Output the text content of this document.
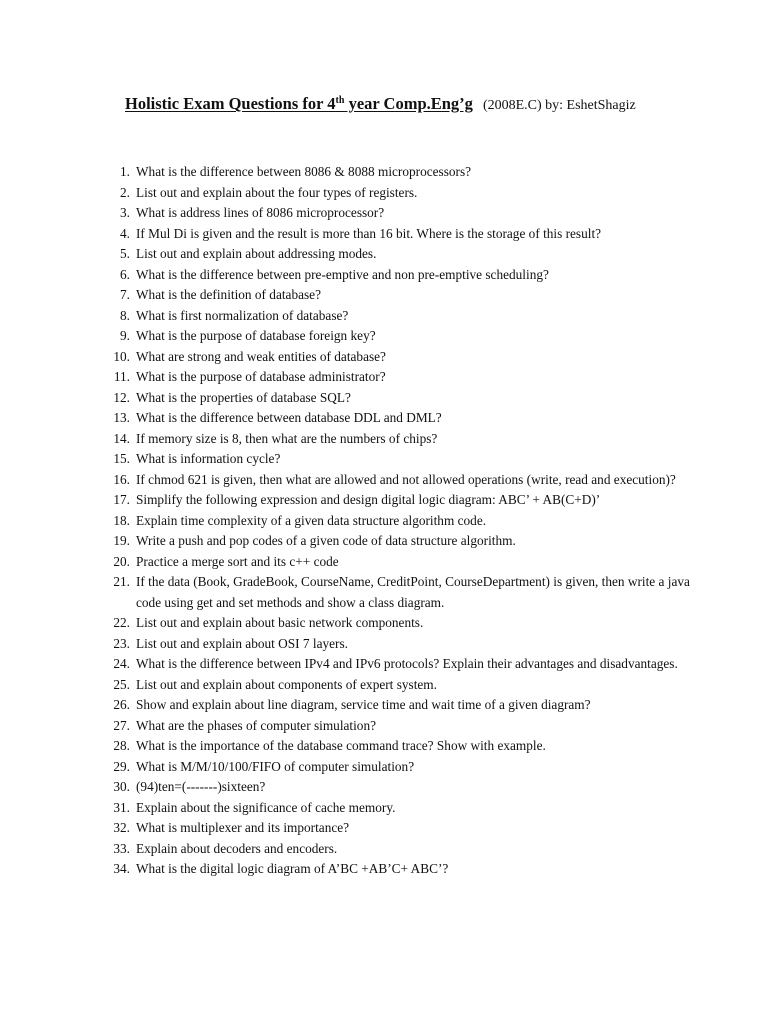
Holistic Exam Questions for 4th year Comp.Eng’g (2008E.C) by: EshetShagiz
1. What is the difference between 8086 & 8088 microprocessors?
2. List out and explain about the four types of registers.
3. What is address lines of 8086 microprocessor?
4. If Mul Di is given and the result is more than 16 bit. Where is the storage of this result?
5. List out and explain about addressing modes.
6. What is the difference between pre-emptive and non pre-emptive scheduling?
7. What is the definition of database?
8. What is first normalization of database?
9. What is the purpose of database foreign key?
10. What are strong and weak entities of database?
11. What is the purpose of database administrator?
12. What is the properties of database SQL?
13. What is the difference between database DDL and DML?
14. If memory size is 8, then what are the numbers of chips?
15. What is information cycle?
16. If chmod 621 is given, then what are allowed and not allowed operations (write, read and execution)?
17. Simplify the following expression and design digital logic diagram: ABC’ + AB(C+D)’
18. Explain time complexity of a given data structure algorithm code.
19. Write a push and pop codes of a given code of data structure algorithm.
20. Practice a merge sort and its c++ code
21. If the data (Book, GradeBook, CourseName, CreditPoint, CourseDepartment) is given, then write a java code using get and set methods and show a class diagram.
22. List out and explain about basic network components.
23. List out and explain about OSI 7 layers.
24. What is the difference between IPv4 and IPv6 protocols? Explain their advantages and disadvantages.
25. List out and explain about components of expert system.
26. Show and explain about line diagram, service time and wait time of a given diagram?
27. What are the phases of computer simulation?
28. What is the importance of the database command trace? Show with example.
29. What is M/M/10/100/FIFO of computer simulation?
30. (94)ten=(-------)sixteen?
31. Explain about the significance of cache memory.
32. What is multiplexer and its importance?
33. Explain about decoders and encoders.
34. What is the digital logic diagram of A’BC +AB’C+ ABC’?
